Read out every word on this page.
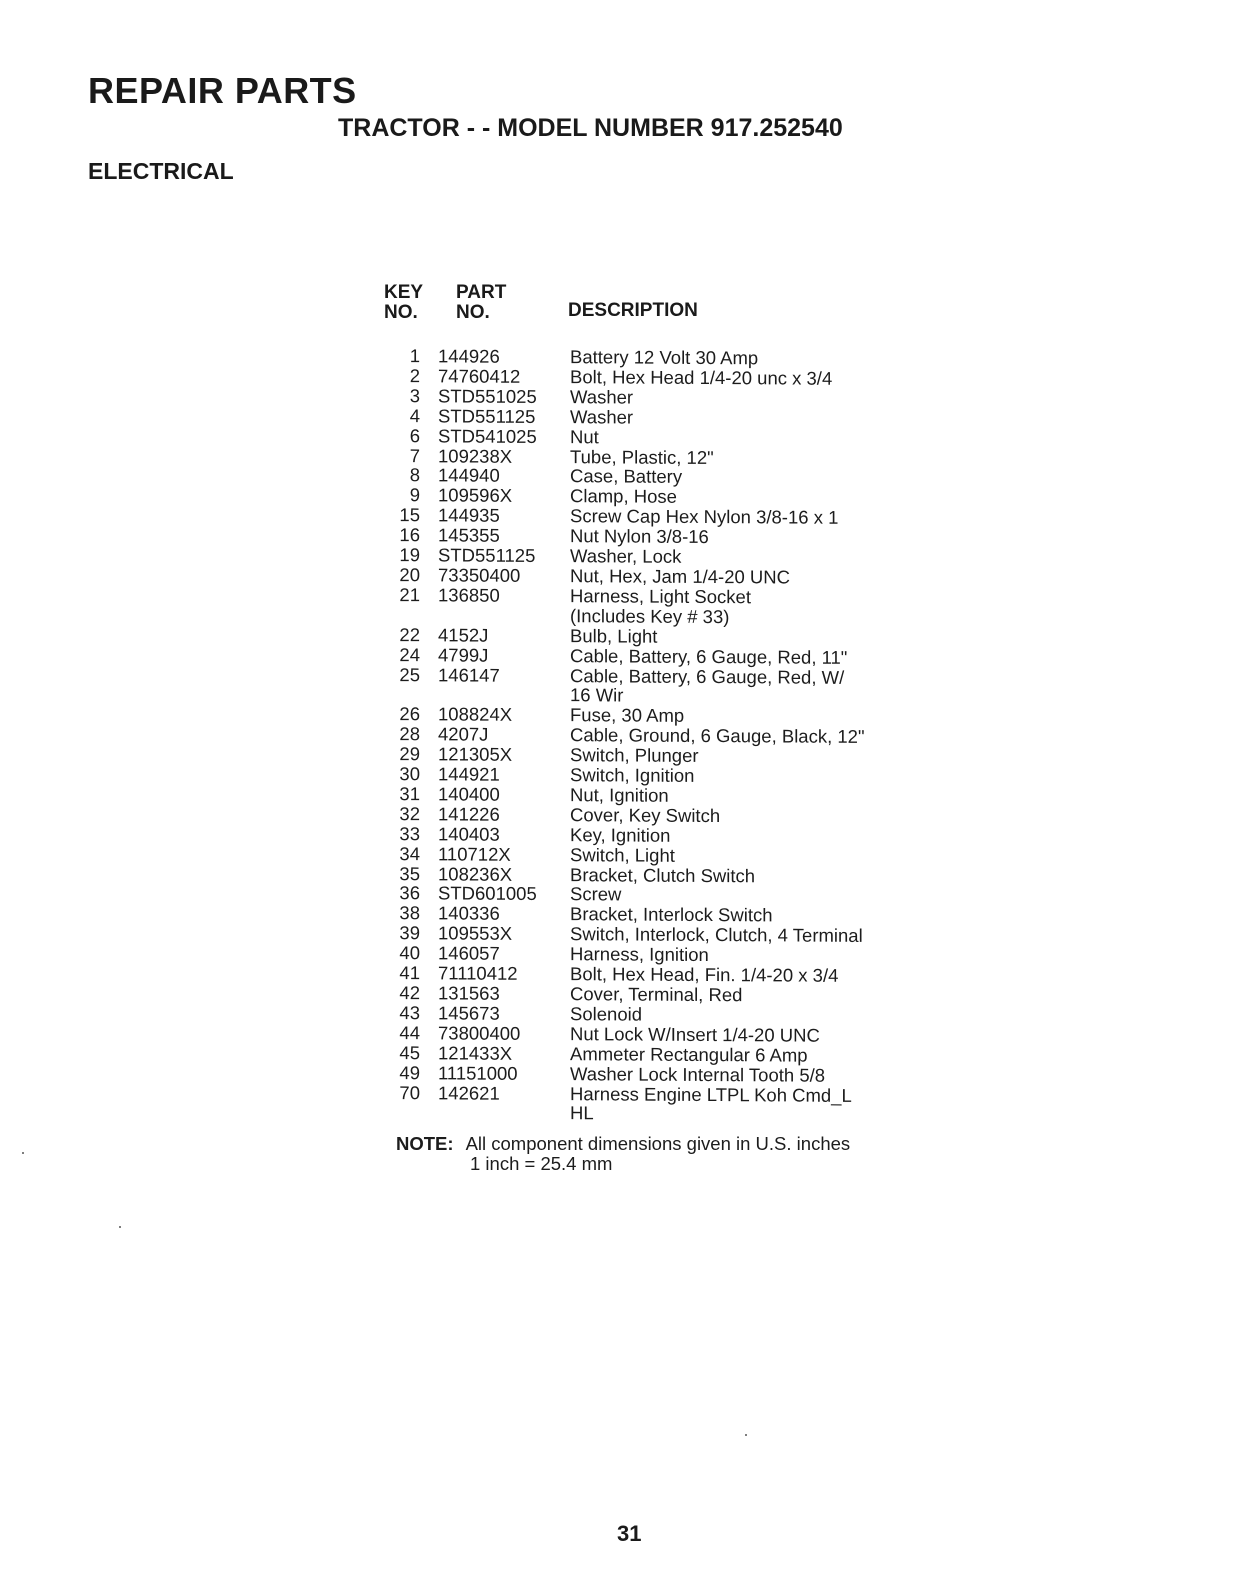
REPAIR PARTS
TRACTOR - - MODEL NUMBER 917.252540
ELECTRICAL
KEY
NO.
PART
NO.	DESCRIPTION
1 144926	Battery 12 Volt 30 Amp
2 74760412	Bolt, Hex Head 1/4-20 unc x 3/4
3 STD551025	Washer
4 STD551125	Washer
6 STD541025	Nut
7 109238X	Tube, Plastic, 12"
8 144940	Case, Battery
9 109596X	Clamp, Hose
15 144935	Screw Cap Hex Nylon 3/8-16 x 1
16 145355	Nut Nylon 3/8-16
19 STD551125	Washer, Lock
20 73350400	Nut, Hex, Jam 1/4-20 UNC
21 136850	Harness, Light Socket
(Includes Key # 33)
22 4152J	Bulb, Light
24 4799J	Cable, Battery, 6 Gauge, Red, 11"
25 146147	Cable, Battery, 6 Gauge, Red, W/
16 Wir
26 108824X	Fuse, 30 Amp
28 4207J	Cable, Ground, 6 Gauge, Black, 12"
29 121305X	Switch, Plunger
30 144921	Switch, Ignition
31 140400	Nut, Ignition
32 141226	Cover, Key Switch
33 140403	Key, Ignition
34 110712X	Switch, Light
35 108236X	Bracket, Clutch Switch
36 STD601005	Screw
38 140336	Bracket, Interlock Switch
39 109553X	Switch, Interlock, Clutch, 4 Terminal
40 146057	Harness, Ignition
41 71110412	Bolt, Hex Head, Fin. 1/4-20 x 3/4
42 131563	Cover, Terminal, Red
43 145673	Solenoid
44 73800400	Nut Lock W/Insert 1/4-20 UNC
45 121433X	Ammeter Rectangular 6 Amp
49 11151000	Washer Lock Internal Tooth 5/8
70 142621	Harness Engine LTPL Koh Cmd_L
HL
NOTE: All component dimensions given in U.S. inches
1 inch = 25.4 mm
31
